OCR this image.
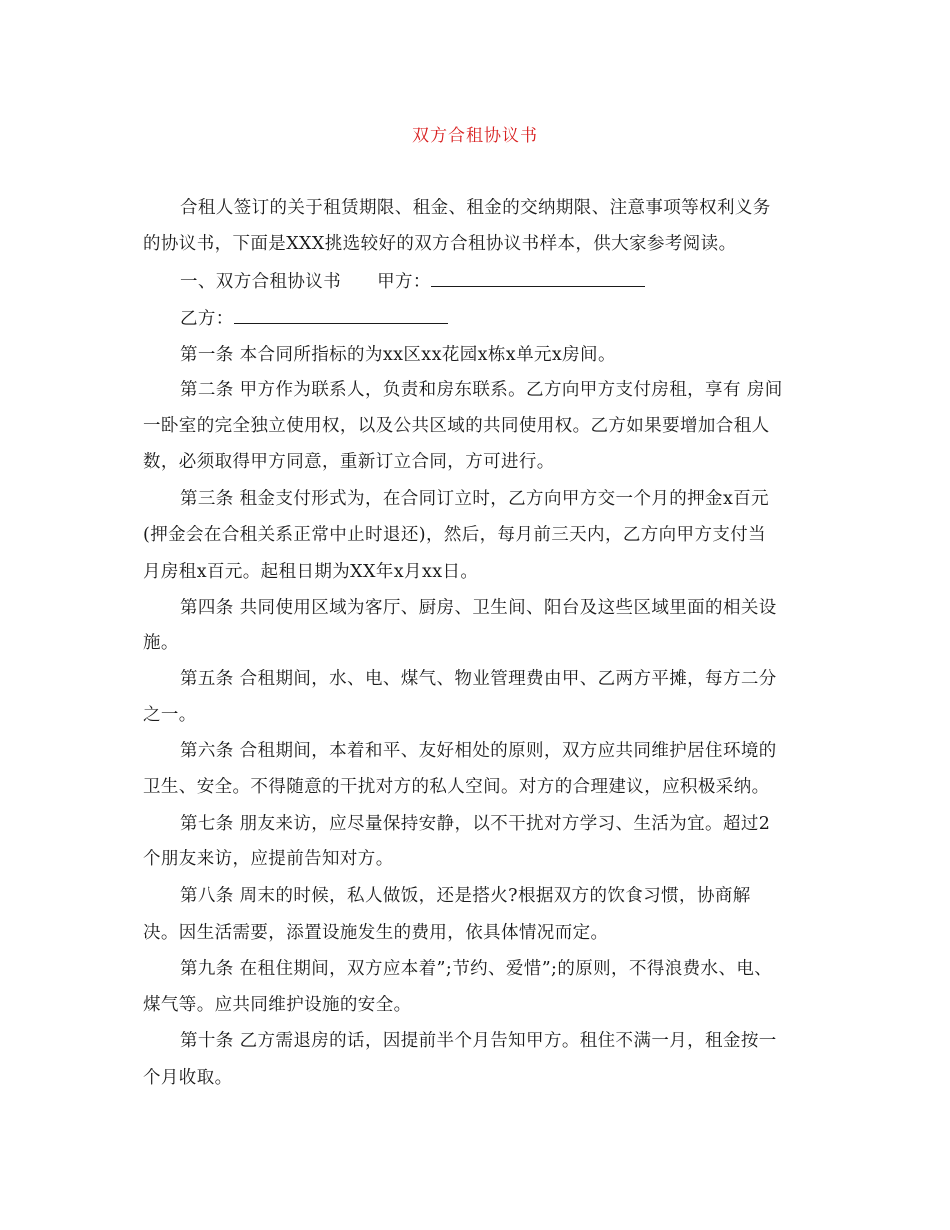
双方合租协议书
合租人签订的关于租赁期限、租金、租金的交纳期限、注意事项等权利义务
的协议书，下面是XXX挑选较好的双方合租协议书样本，供大家参考阅读。
一、双方合租协议书 甲方：
乙方：
第一条 本合同所指标的为xx区xx花园x栋x单元x房间。
第二条 甲方作为联系人，负责和房东联系。乙方向甲方支付房租，享有 房间
一卧室的完全独立使用权，以及公共区域的共同使用权。乙方如果要增加合租人
数，必须取得甲方同意，重新订立合同，方可进行。
第三条 租金支付形式为，在合同订立时，乙方向甲方交一个月的押金x百元
(押金会在合租关系正常中止时退还)，然后，每月前三天内，乙方向甲方支付当
月房租x百元。起租日期为XX年x月xx日。
第四条 共同使用区域为客厅、厨房、卫生间、阳台及这些区域里面的相关设
施。
第五条 合租期间，水、电、煤气、物业管理费由甲、乙两方平摊，每方二分
之一。
第六条 合租期间，本着和平、友好相处的原则，双方应共同维护居住环境的
卫生、安全。不得随意的干扰对方的私人空间。对方的合理建议，应积极采纳。
第七条 朋友来访，应尽量保持安静，以不干扰对方学习、生活为宜。超过2
个朋友来访，应提前告知对方。
第八条 周末的时候，私人做饭，还是搭火?根据双方的饮食习惯，协商解
决。因生活需要，添置设施发生的费用，依具体情况而定。
第九条 在租住期间，双方应本着”;节约、爱惜”;的原则，不得浪费水、电、
煤气等。应共同维护设施的安全。
第十条 乙方需退房的话，因提前半个月告知甲方。租住不满一月，租金按一
个月收取。
